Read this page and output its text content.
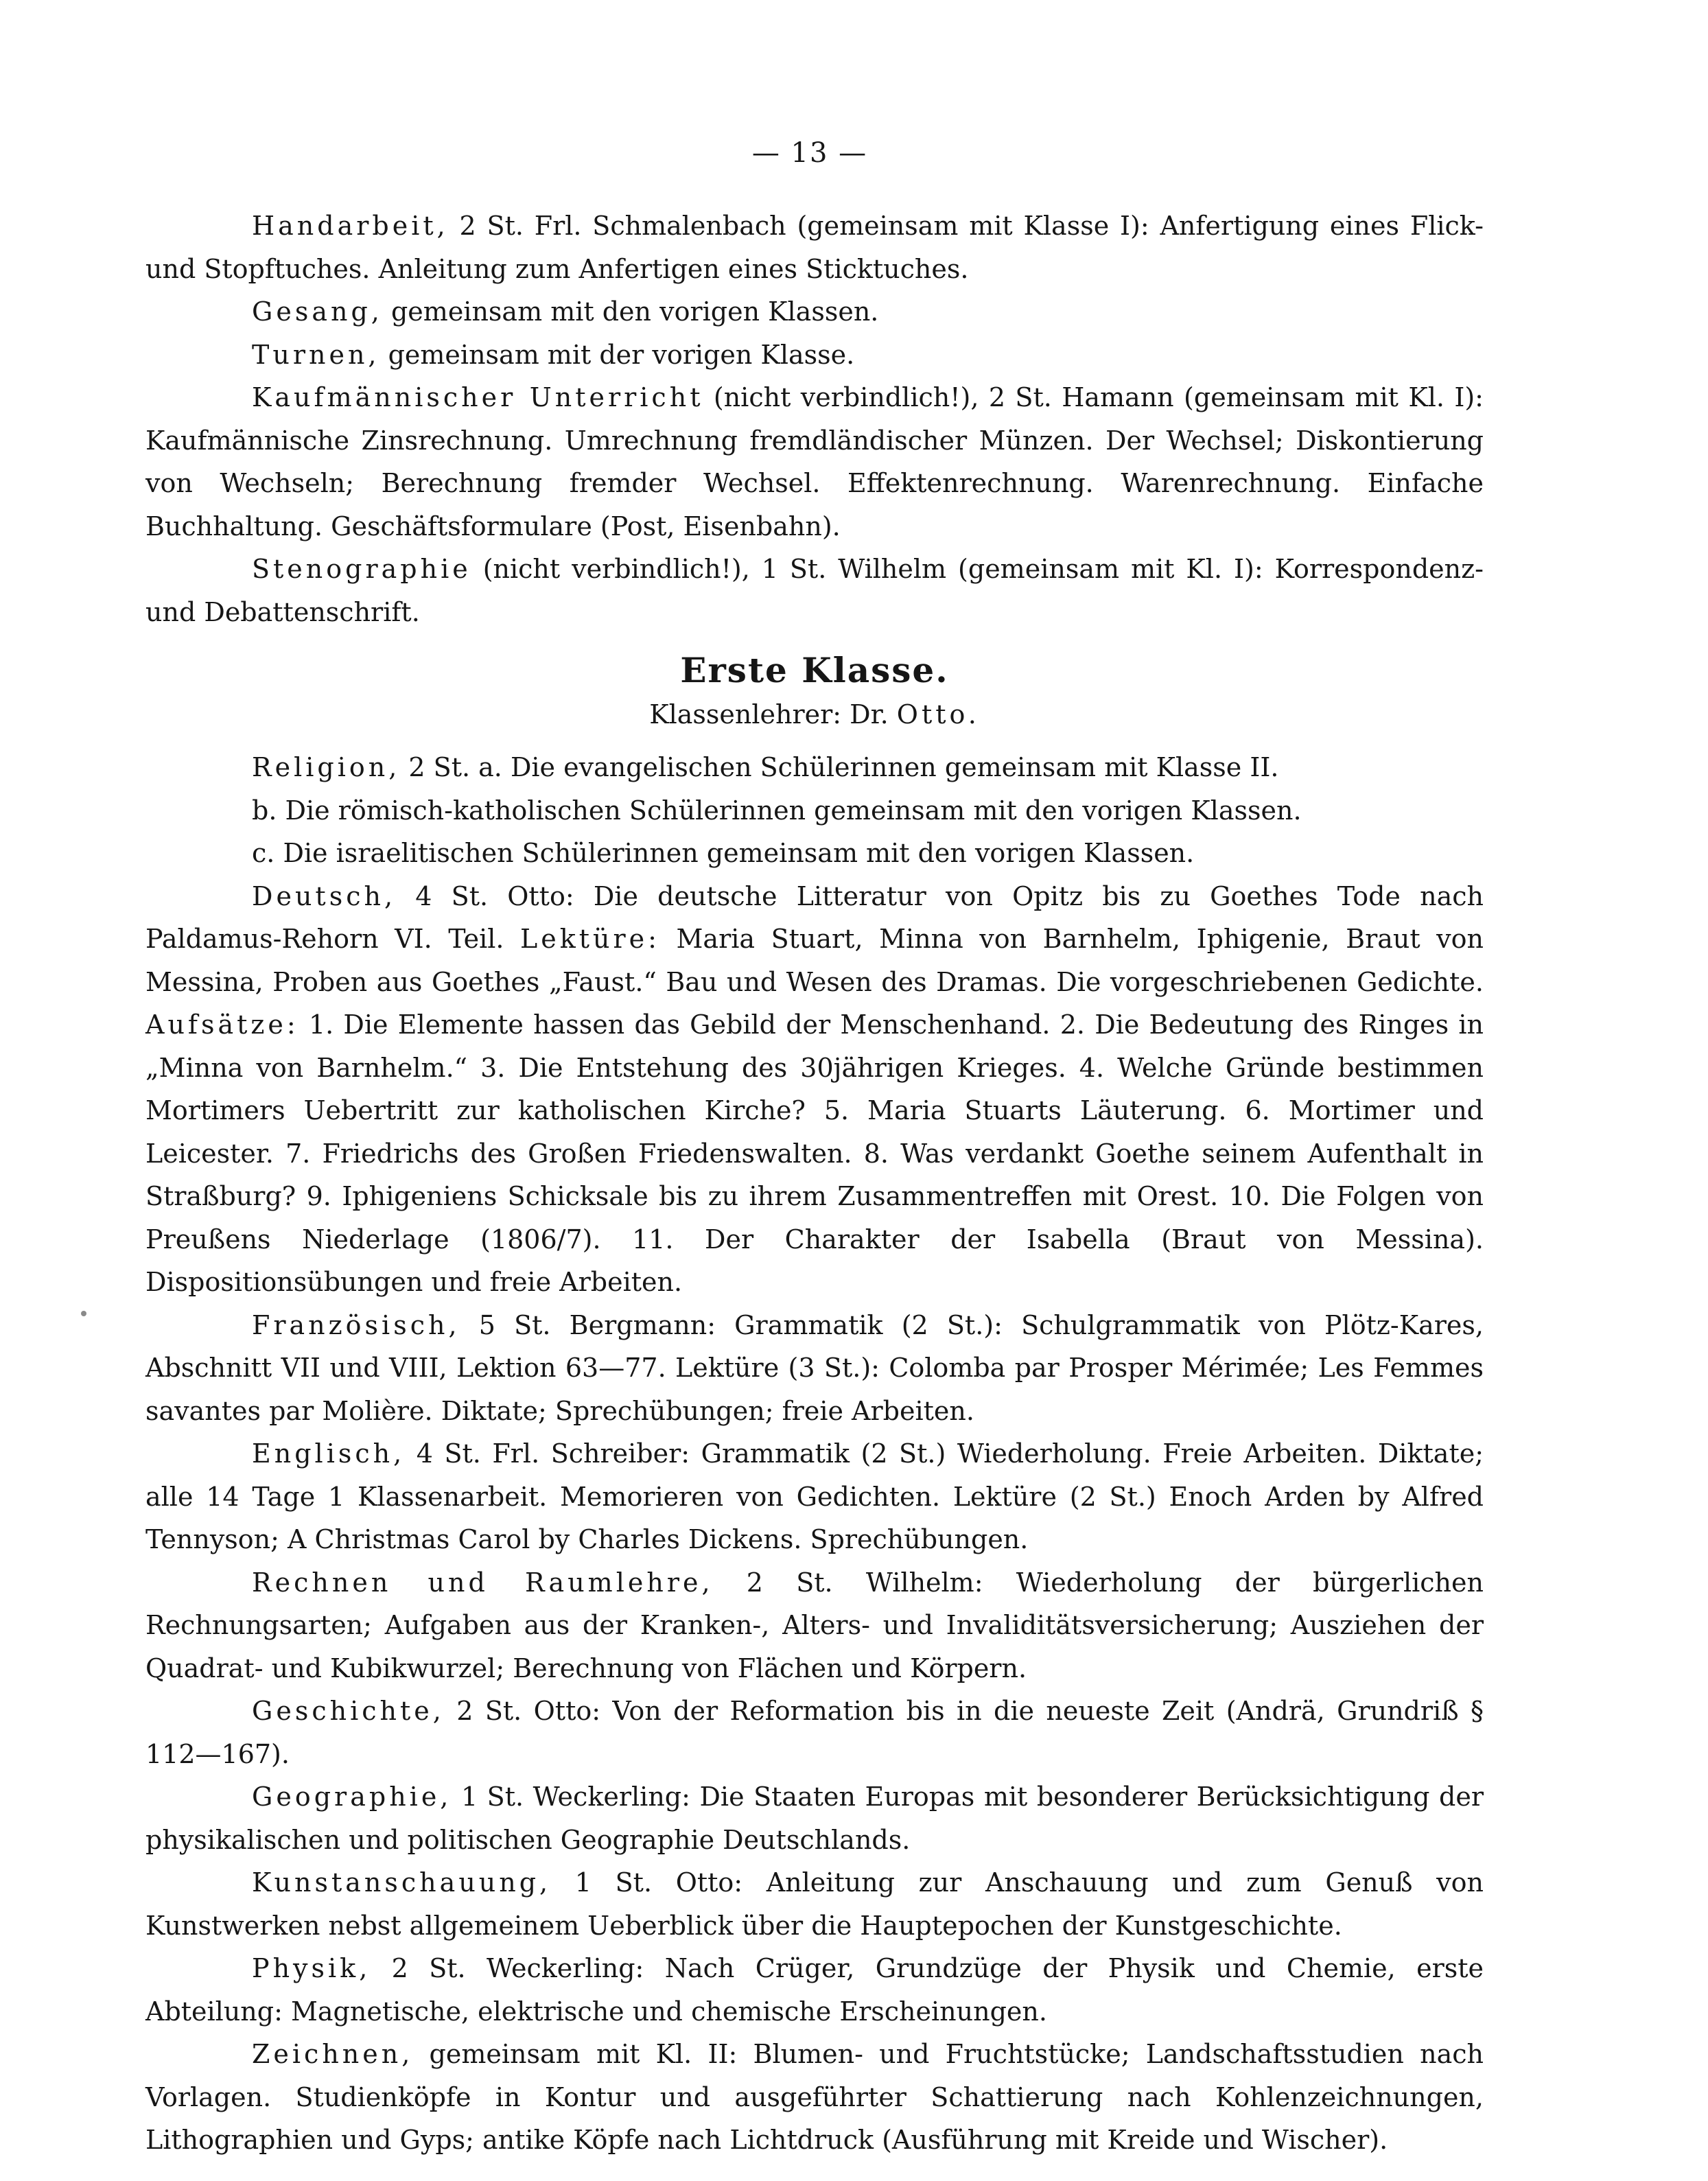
— 13 —

Handarbeit, 2 St. Frl. Schmalenbach (gemeinsam mit Klasse I): Anfertigung eines Flick- und Stopftuches. Anleitung zum Anfertigen eines Sticktuches.

Gesang, gemeinsam mit den vorigen Klassen.

Turnen, gemeinsam mit der vorigen Klasse.

Kaufmännischer Unterricht (nicht verbindlich!), 2 St. Hamann (gemeinsam mit Kl. I): Kaufmännische Zinsrechnung. Umrechnung fremdländischer Münzen. Der Wechsel; Diskontierung von Wechseln; Berechnung fremder Wechsel. Effektenrechnung. Warenrechnung. Einfache Buchhaltung. Geschäftsformulare (Post, Eisenbahn).

Stenographie (nicht verbindlich!), 1 St. Wilhelm (gemeinsam mit Kl. I): Korrespondenz- und Debattenschrift.

Erste Klasse.
Klassenlehrer: Dr. Otto.

Religion, 2 St. a. Die evangelischen Schülerinnen gemeinsam mit Klasse II.

b. Die römisch-katholischen Schülerinnen gemeinsam mit den vorigen Klassen.

c. Die israelitischen Schülerinnen gemeinsam mit den vorigen Klassen.

Deutsch, 4 St. Otto: Die deutsche Litteratur von Opitz bis zu Goethes Tode nach Paldamus-Rehorn VI. Teil. Lektüre: Maria Stuart, Minna von Barnhelm, Iphigenie, Braut von Messina, Proben aus Goethes „Faust.“ Bau und Wesen des Dramas. Die vorgeschriebenen Gedichte. Aufsätze: 1. Die Elemente hassen das Gebild der Menschenhand. 2. Die Bedeutung des Ringes in „Minna von Barnhelm.“ 3. Die Entstehung des 30jährigen Krieges. 4. Welche Gründe bestimmen Mortimers Uebertritt zur katholischen Kirche? 5. Maria Stuarts Läuterung. 6. Mortimer und Leicester. 7. Friedrichs des Großen Friedenswalten. 8. Was verdankt Goethe seinem Aufenthalt in Straßburg? 9. Iphigeniens Schicksale bis zu ihrem Zusammentreffen mit Orest. 10. Die Folgen von Preußens Niederlage (1806/7). 11. Der Charakter der Isabella (Braut von Messina). Dispositionsübungen und freie Arbeiten.

Französisch, 5 St. Bergmann: Grammatik (2 St.): Schulgrammatik von Plötz-Kares, Abschnitt VII und VIII, Lektion 63—77. Lektüre (3 St.): Colomba par Prosper Mérimée; Les Femmes savantes par Molière. Diktate; Sprechübungen; freie Arbeiten.

Englisch, 4 St. Frl. Schreiber: Grammatik (2 St.) Wiederholung. Freie Arbeiten. Diktate; alle 14 Tage 1 Klassenarbeit. Memorieren von Gedichten. Lektüre (2 St.) Enoch Arden by Alfred Tennyson; A Christmas Carol by Charles Dickens. Sprechübungen.

Rechnen und Raumlehre, 2 St. Wilhelm: Wiederholung der bürgerlichen Rechnungsarten; Aufgaben aus der Kranken-, Alters- und Invaliditätsversicherung; Ausziehen der Quadrat- und Kubikwurzel; Berechnung von Flächen und Körpern.

Geschichte, 2 St. Otto: Von der Reformation bis in die neueste Zeit (Andrä, Grundriß § 112—167).

Geographie, 1 St. Weckerling: Die Staaten Europas mit besonderer Berücksichtigung der physikalischen und politischen Geographie Deutschlands.

Kunstanschauung, 1 St. Otto: Anleitung zur Anschauung und zum Genuß von Kunstwerken nebst allgemeinem Ueberblick über die Hauptepochen der Kunstgeschichte.

Physik, 2 St. Weckerling: Nach Crüger, Grundzüge der Physik und Chemie, erste Abteilung: Magnetische, elektrische und chemische Erscheinungen.

Zeichnen, gemeinsam mit Kl. II: Blumen- und Fruchtstücke; Landschaftsstudien nach Vorlagen. Studienköpfe in Kontur und ausgeführter Schattierung nach Kohlenzeichnungen, Lithographien und Gyps; antike Köpfe nach Lichtdruck (Ausführung mit Kreide und Wischer).
